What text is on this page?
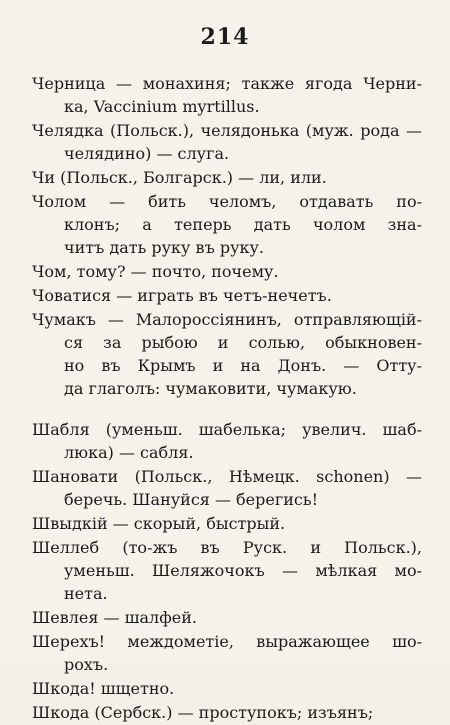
214
Черница — монахиня; также ягода Черни-
ка, Vaccinium myrtillus.
Челядка (Польск.), челядонька (муж. рода —
челядино) — слуга.
Чи (Польск., Болгарск.) — ли, или.
Чолом — бить челомъ, отдавать по-
клонъ; а теперь дать чолом зна-
читъ дать руку въ руку.
Чом, тому? — почто, почему.
Човатися — играть въ четъ-нечетъ.
Чумакъ — Малороссіянинъ, отправляющій-
ся за рыбою и солью, обыкновен-
но въ Крымъ и на Донъ. — Отту-
да глаголъ: чумаковити, чумакую.
Шабля (уменьш. шабелька; увелич. шаб-
люка) — сабля.
Шановати (Польск., Нѣмецк. schonen) —
беречь. Шануйся — берегись!
Швыдкій — скорый, быстрый.
Шеллеб (то-жъ въ Руск. и Польск.),
уменьш. Шеляжочокъ — мѣлкая мо-
нета.
Шевлея — шалфей.
Шерехъ! междометіе, выражающее шо-
рохъ.
Шкода! шщетно.
Шкода (Сербск.) — проступокъ; изъянъ;
